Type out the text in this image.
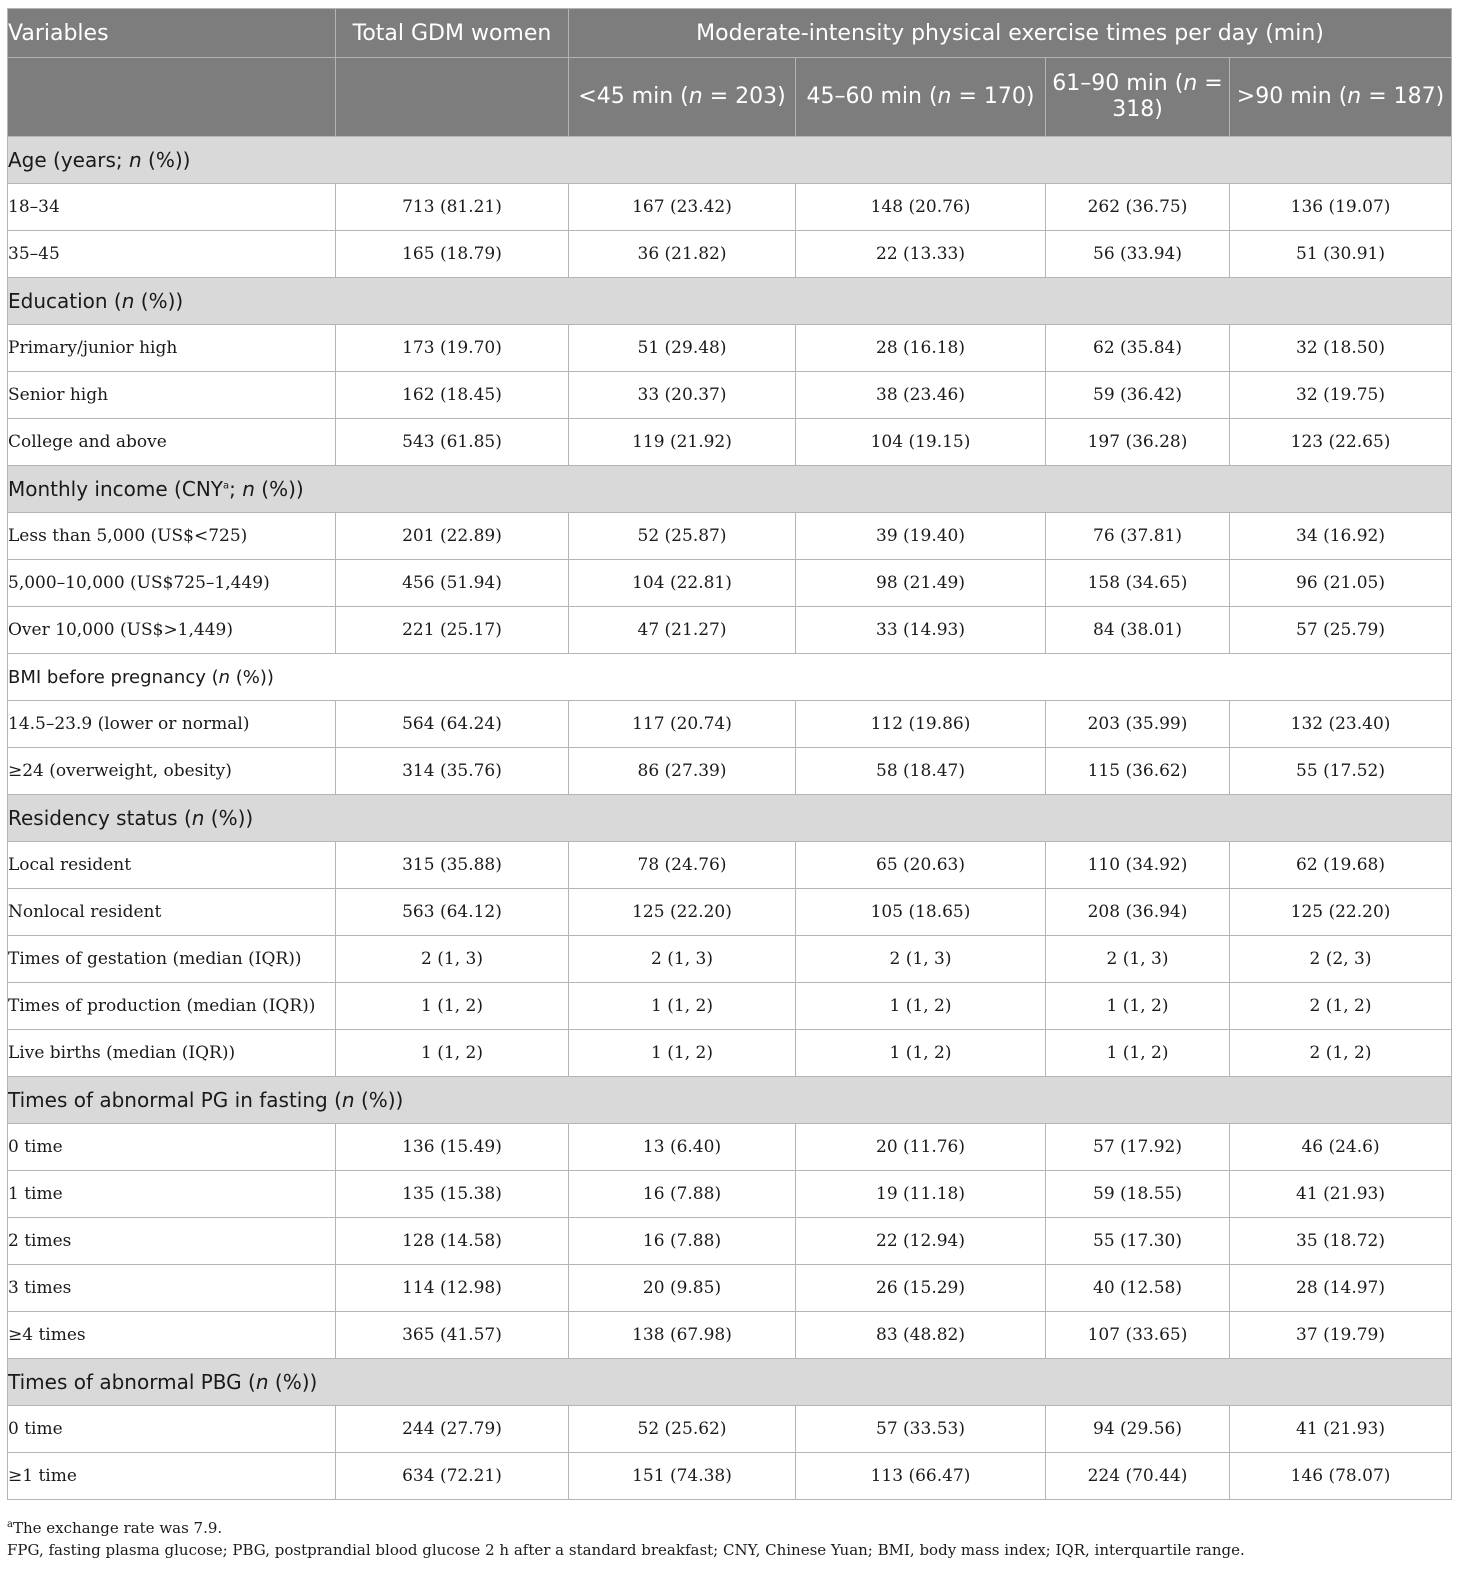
Variables	Total GDM women	Moderate-intensity physical exercise times per day (min)			

		<45 min (n = 203)	45–60 min (n = 170)	61–90 min (n = 318)	>90 min (n = 187)

Age (years; n (%))					
18–34	713 (81.21)	167 (23.42)	148 (20.76)	262 (36.75)	136 (19.07)
35–45	165 (18.79)	36 (21.82)	22 (13.33)	56 (33.94)	51 (30.91)
Education (n (%))					
Primary/junior high	173 (19.70)	51 (29.48)	28 (16.18)	62 (35.84)	32 (18.50)
Senior high	162 (18.45)	33 (20.37)	38 (23.46)	59 (36.42)	32 (19.75)
College and above	543 (61.85)	119 (21.92)	104 (19.15)	197 (36.28)	123 (22.65)
Monthly income (CNY$^a$; n (%))					
Less than 5,000 (US$<725)	201 (22.89)	52 (25.87)	39 (19.40)	76 (37.81)	34 (16.92)
5,000–10,000 (US$725–1,449)	456 (51.94)	104 (22.81)	98 (21.49)	158 (34.65)	96 (21.05)
Over 10,000 (US$>1,449)	221 (25.17)	47 (21.27)	33 (14.93)	84 (38.01)	57 (25.79)
BMI before pregnancy (n (%))					
14.5–23.9 (lower or normal)	564 (64.24)	117 (20.74)	112 (19.86)	203 (35.99)	132 (23.40)
≥24 (overweight, obesity)	314 (35.76)	86 (27.39)	58 (18.47)	115 (36.62)	55 (17.52)
Residency status (n (%))					
Local resident	315 (35.88)	78 (24.76)	65 (20.63)	110 (34.92)	62 (19.68)
Nonlocal resident	563 (64.12)	125 (22.20)	105 (18.65)	208 (36.94)	125 (22.20)
Times of gestation (median (IQR))	2 (1, 3)	2 (1, 3)	2 (1, 3)	2 (1, 3)	2 (2, 3)
Times of production (median (IQR))	1 (1, 2)	1 (1, 2)	1 (1, 2)	1 (1, 2)	2 (1, 2)
Live births (median (IQR))	1 (1, 2)	1 (1, 2)	1 (1, 2)	1 (1, 2)	2 (1, 2)
Times of abnormal PG in fasting (n (%))					
0 time	136 (15.49)	13 (6.40)	20 (11.76)	57 (17.92)	46 (24.6)
1 time	135 (15.38)	16 (7.88)	19 (11.18)	59 (18.55)	41 (21.93)
2 times	128 (14.58)	16 (7.88)	22 (12.94)	55 (17.30)	35 (18.72)
3 times	114 (12.98)	20 (9.85)	26 (15.29)	40 (12.58)	28 (14.97)
≥4 times	365 (41.57)	138 (67.98)	83 (48.82)	107 (33.65)	37 (19.79)
Times of abnormal PBG (n (%))					
0 time	244 (27.79)	52 (25.62)	57 (33.53)	94 (29.56)	41 (21.93)
≥1 time	634 (72.21)	151 (74.38)	113 (66.47)	224 (70.44)	146 (78.07)
$^a$The exchange rate was 7.9.
FPG, fasting plasma glucose; PBG, postprandial blood glucose 2 h after a standard breakfast; CNY, Chinese Yuan; BMI, body mass index; IQR, interquartile range.
